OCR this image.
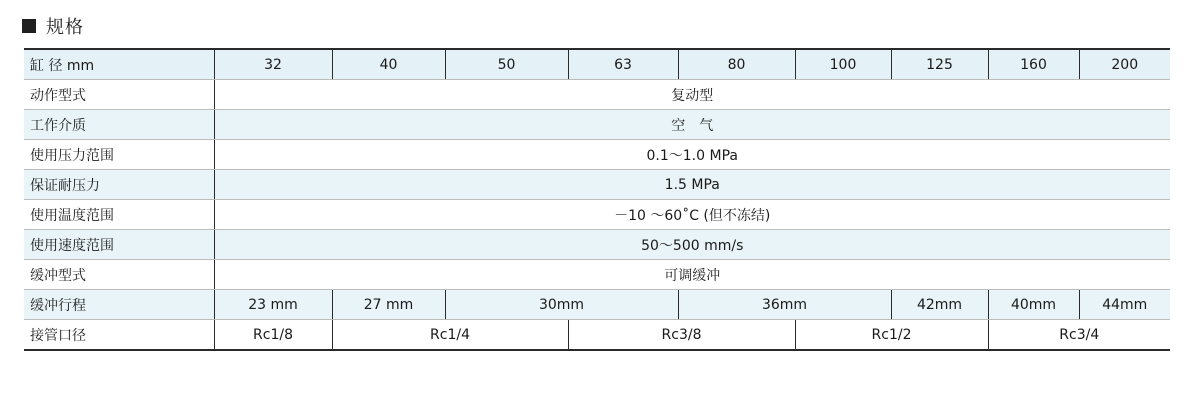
规格
缸 径 mm	32	40	50	63	80	100	125	160	200
动作型式	复动型								
工作介质	空　气								
使用压力范围	0.1～1.0 MPa								
保证耐压力	1.5 MPa								
使用温度范围	－10 ～60˚C (但不冻结)								
使用速度范围	50～500 mm/s								
缓冲型式	可调缓冲								
缓冲行程	23 mm	27 mm	30mm		36mm		42mm	40mm	44mm
接管口径	Rc1/8	Rc1/4		Rc3/8		Rc1/2		Rc3/4	
